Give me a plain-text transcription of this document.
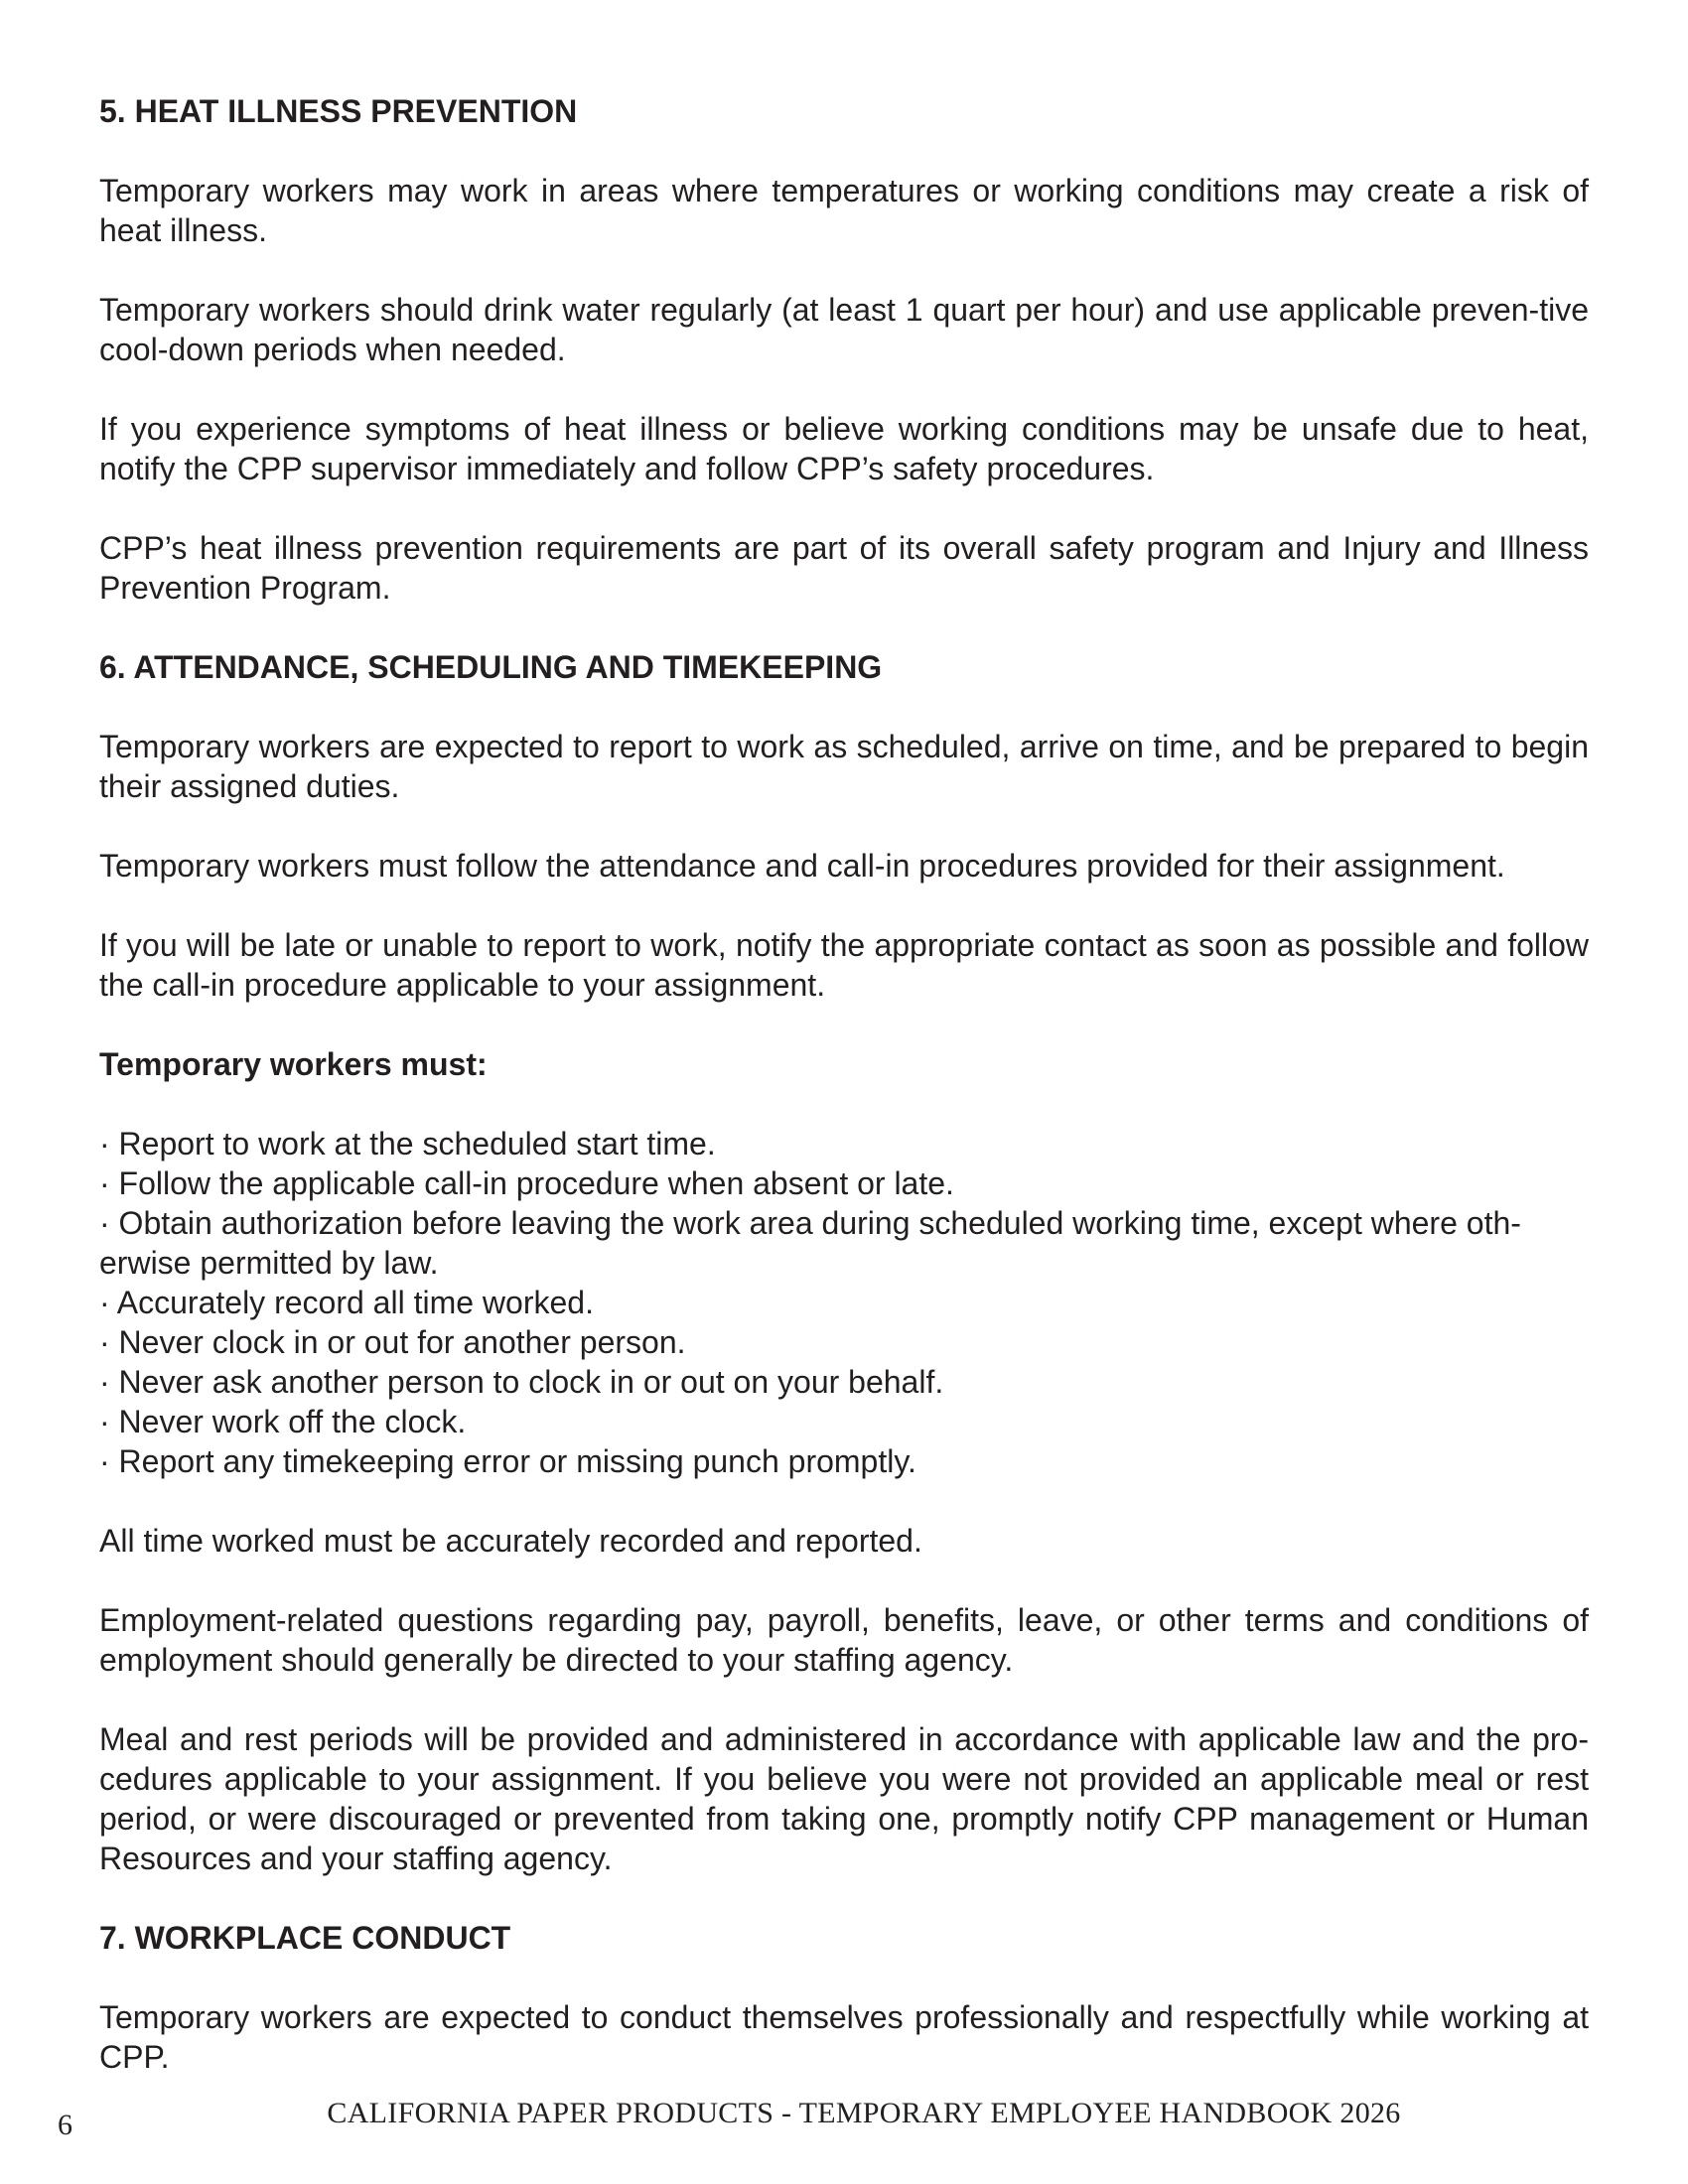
5. HEAT ILLNESS PREVENTION

Temporary workers may work in areas where temperatures or working conditions may create a risk of heat illness.

Temporary workers should drink water regularly (at least 1 quart per hour) and use applicable preven-tive cool-down periods when needed.

If you experience symptoms of heat illness or believe working conditions may be unsafe due to heat, notify the CPP supervisor immediately and follow CPP’s safety procedures.

CPP’s heat illness prevention requirements are part of its overall safety program and Injury and Illness Prevention Program.

6. ATTENDANCE, SCHEDULING AND TIMEKEEPING

Temporary workers are expected to report to work as scheduled, arrive on time, and be prepared to begin their assigned duties.

Temporary workers must follow the attendance and call-in procedures provided for their assignment.

If you will be late or unable to report to work, notify the appropriate contact as soon as possible and follow the call-in procedure applicable to your assignment.

Temporary workers must:
· Report to work at the scheduled start time.
· Follow the applicable call-in procedure when absent or late.
· Obtain authorization before leaving the work area during scheduled working time, except where oth-erwise permitted by law.
· Accurately record all time worked.
· Never clock in or out for another person.
· Never ask another person to clock in or out on your behalf.
· Never work off the clock.
· Report any timekeeping error or missing punch promptly.

All time worked must be accurately recorded and reported.

Employment-related questions regarding pay, payroll, benefits, leave, or other terms and conditions of employment should generally be directed to your staffing agency.

Meal and rest periods will be provided and administered in accordance with applicable law and the pro-cedures applicable to your assignment. If you believe you were not provided an applicable meal or rest period, or were discouraged or prevented from taking one, promptly notify CPP management or Human Resources and your staffing agency.

7. WORKPLACE CONDUCT

Temporary workers are expected to conduct themselves professionally and respectfully while working at CPP.

6	CALIFORNIA PAPER PRODUCTS - TEMPORARY EMPLOYEE HANDBOOK 2026
